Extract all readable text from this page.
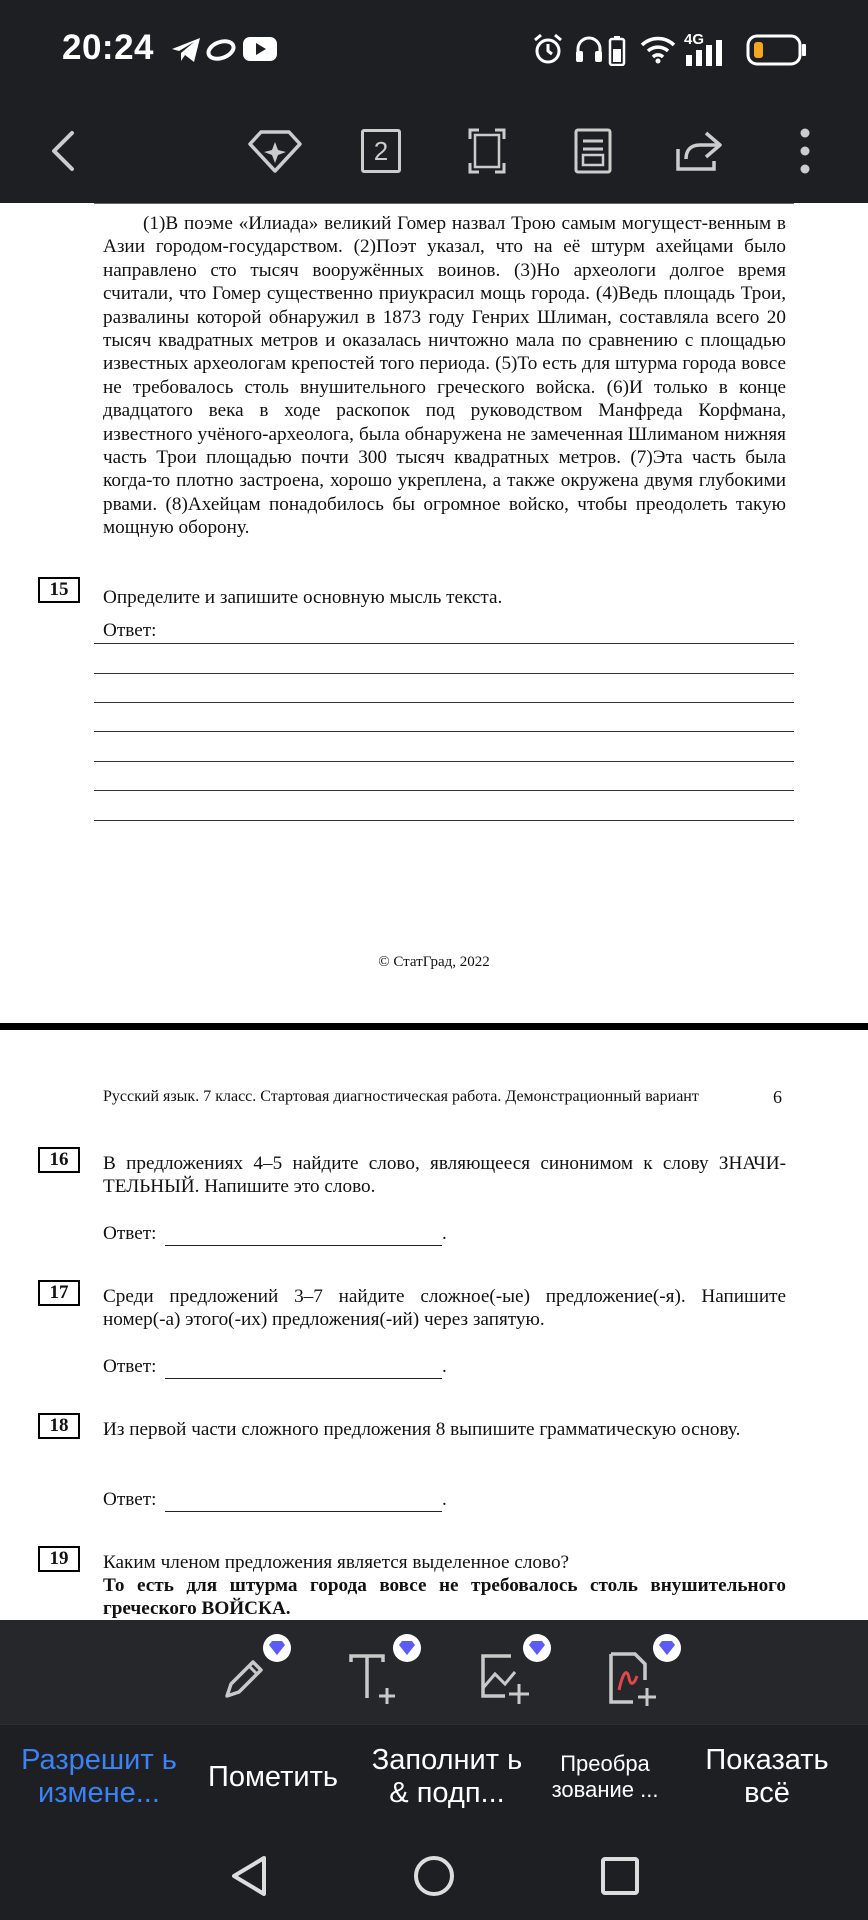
20:24	4G
2

(1)В поэме «Илиада» великий Гомер назвал Трою самым могущест-венным в Азии городом-государством. (2)Поэт указал, что на её штурм ахейцами было направлено сто тысяч вооружённых воинов. (3)Но археологи долгое время считали, что Гомер существенно приукрасил мощь города. (4)Ведь площадь Трои, развалины которой обнаружил в 1873 году Генрих Шлиман, составляла всего 20 тысяч квадратных метров и оказалась ничтожно мала по сравнению с площадью известных археологам крепостей того периода. (5)То есть для штурма города вовсе не требовалось столь внушительного греческого войска. (6)И только в конце двадцатого века в ходе раскопок под руководством Манфреда Корфмана, известного учёного-археолога, была обнаружена не замеченная Шлиманом нижняя часть Трои площадью почти 300 тысяч квадратных метров. (7)Эта часть была когда-то плотно застроена, хорошо укреплена, а также окружена двумя глубокими рвами. (8)Ахейцам понадобилось бы огромное войско, чтобы преодолеть такую мощную оборону.

15	Определите и запишите основную мысль текста.
Ответ:
© СтатГрад, 2022
Русский язык. 7 класс. Стартовая диагностическая работа. Демонстрационный вариант	6
16	В предложениях 4–5 найдите слово, являющееся синонимом к слову ЗНАЧИ-ТЕЛЬНЫЙ. Напишите это слово.
Ответ:	.
17	Среди предложений 3–7 найдите сложное(-ые) предложение(-я). Напишите номер(-а) этого(-их) предложения(-ий) через запятую.
Ответ:	.
18	Из первой части сложного предложения 8 выпишите грамматическую основу.
Ответ:	.
19	Каким членом предложения является выделенное слово?
То есть для штурма города вовсе не требовалось столь внушительного греческого ВОЙСКА.
Разрешит ь измене...
Пометить
Заполнит ь & подп...
Преобра зование ...
Показать всё
